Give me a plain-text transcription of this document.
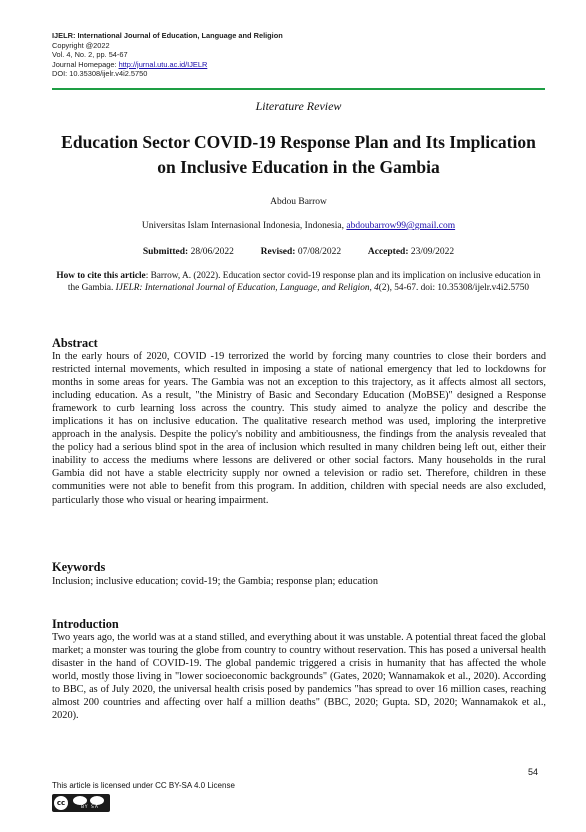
IJELR: International Journal of Education, Language and Religion
Copyright @2022
Vol. 4, No. 2, pp. 54-67
Journal Homepage: http://jurnal.utu.ac.id/IJELR
DOI: 10.35308/ijelr.v4i2.5750
Literature Review
Education Sector COVID-19 Response Plan and Its Implication on Inclusive Education in the Gambia
Abdou Barrow
Universitas Islam Internasional Indonesia, Indonesia, abdoubarrow99@gmail.com
Submitted: 28/06/2022	Revised: 07/08/2022	Accepted: 23/09/2022
How to cite this article: Barrow, A. (2022). Education sector covid-19 response plan and its implication on inclusive education in the Gambia. IJELR: International Journal of Education, Language, and Religion, 4(2), 54-67. doi: 10.35308/ijelr.v4i2.5750
Abstract
In the early hours of 2020, COVID -19 terrorized the world by forcing many countries to close their borders and restricted internal movements, which resulted in imposing a state of national emergency that led to lockdowns for months in some areas for years. The Gambia was not an exception to this trajectory, as it affects almost all sectors, including education. As a result, "the Ministry of Basic and Secondary Education (MoBSE)" designed a Response framework to curb learning loss across the country. This study aimed to analyze the policy and describe the implications it has on inclusive education. The qualitative research method was used, imploring the interpretive approach in the analysis. Despite the policy's nobility and ambitiousness, the findings from the analysis revealed that the policy had a serious blind spot in the area of inclusion which resulted in many children being left out, either their inability to access the mediums where lessons are delivered or other social factors. Many households in the rural Gambia did not have a stable electricity supply nor owned a television or radio set. Therefore, children in these communities were not able to benefit from this program. In addition, children with special needs are also excluded, particularly those who visual or hearing impairment.
Keywords
Inclusion; inclusive education; covid-19; the Gambia; response plan; education
Introduction
Two years ago, the world was at a stand stilled, and everything about it was unstable. A potential threat faced the global market; a monster was touring the globe from country to country without reservation. This has posed a universal health disaster in the hand of COVID-19. The global pandemic triggered a crisis in humanity that has affected the whole world, mostly those living in "lower socioeconomic backgrounds" (Gates, 2020; Wannamakok et al., 2020). According to BBC, as of July 2020, the universal health crisis posed by pandemics "has spread to over 16 million cases, reaching almost 200 countries and affecting over half a million deaths" (BBC, 2020; Gupta. SD, 2020; Wannamakok et al., 2020).
54
This article is licensed under CC BY-SA 4.0 License
cc
BY SA
